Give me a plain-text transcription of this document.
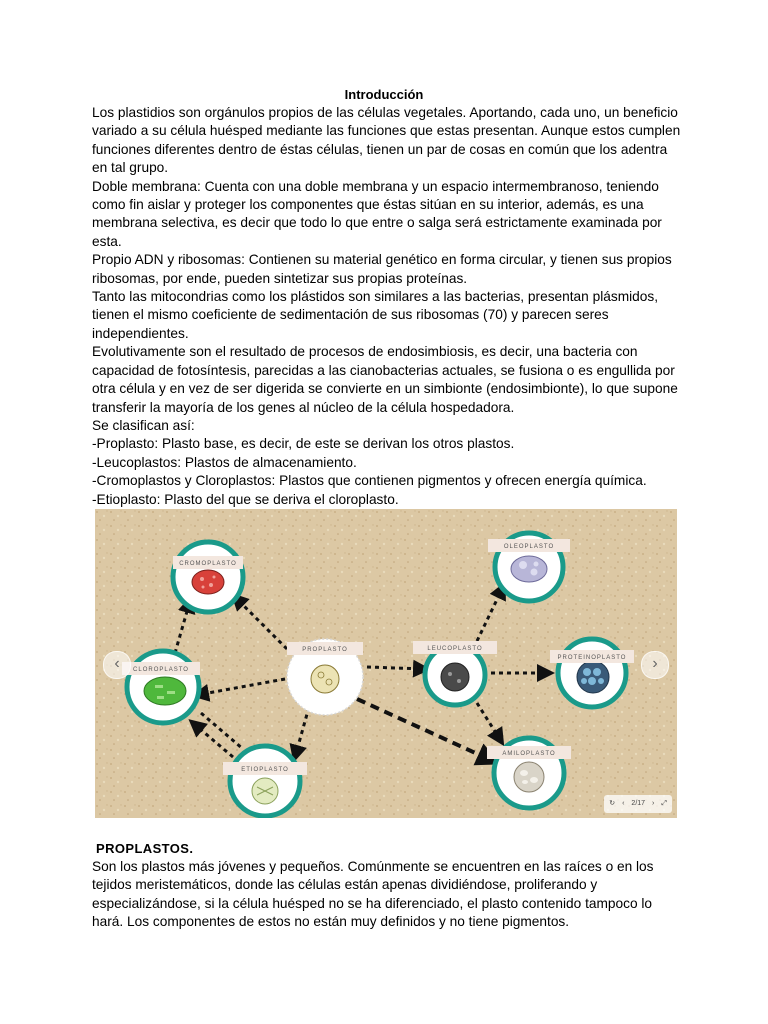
Introducción

Los plastidios son orgánulos propios de las células vegetales. Aportando, cada uno, un beneficio variado a su célula huésped mediante las funciones que estas presentan. Aunque estos cumplen funciones diferentes dentro de éstas células, tienen un par de cosas en común que los adentra en tal grupo.

Doble membrana: Cuenta con una doble membrana y un espacio intermembranoso, teniendo como fin aislar y proteger los componentes que éstas sitúan en su interior, además, es una membrana selectiva, es decir que todo lo que entre o salga será estrictamente examinada por esta.

Propio ADN y ribosomas: Contienen su material genético en forma circular, y tienen sus propios ribosomas, por ende, pueden sintetizar sus propias proteínas.

Tanto las mitocondrias como los plástidos son similares a las bacterias, presentan plásmidos, tienen el mismo coeficiente de sedimentación de sus ribosomas (70) y parecen seres independientes.

Evolutivamente son el resultado de procesos de endosimbiosis, es decir, una bacteria con capacidad de fotosíntesis, parecidas a las cianobacterias actuales, se fusiona o es engullida por otra célula y en vez de ser digerida se convierte en un simbionte (endosimbionte), lo que supone transferir la mayoría de los genes al núcleo de la célula hospedadora.

Se clasifican así:

-Proplasto: Plasto base, es decir, de este se derivan los otros plastos.

-Leucoplastos: Plastos de almacenamiento.

-Cromoplastos y Cloroplastos: Plastos que contienen pigmentos y ofrecen energía química.

-Etioplasto: Plasto del que se deriva el cloroplasto.

CROMOPLASTO
OLEOPLASTO
PROPLASTO	LEUCOPLASTO
CLOROPLASTO
PROTEINOPLASTO
ETIOPLASTO
AMILOPLASTO
‹	›
↻ ‹ 2/17 › ⤢
PROPLASTOS.

Son los plastos más jóvenes y pequeños. Comúnmente se encuentren en las raíces o en los tejidos meristemáticos, donde las células están apenas dividiéndose, proliferando y especializándose, si la célula huésped no se ha diferenciado, el plasto contenido tampoco lo hará. Los componentes de estos no están muy definidos y no tiene pigmentos.
